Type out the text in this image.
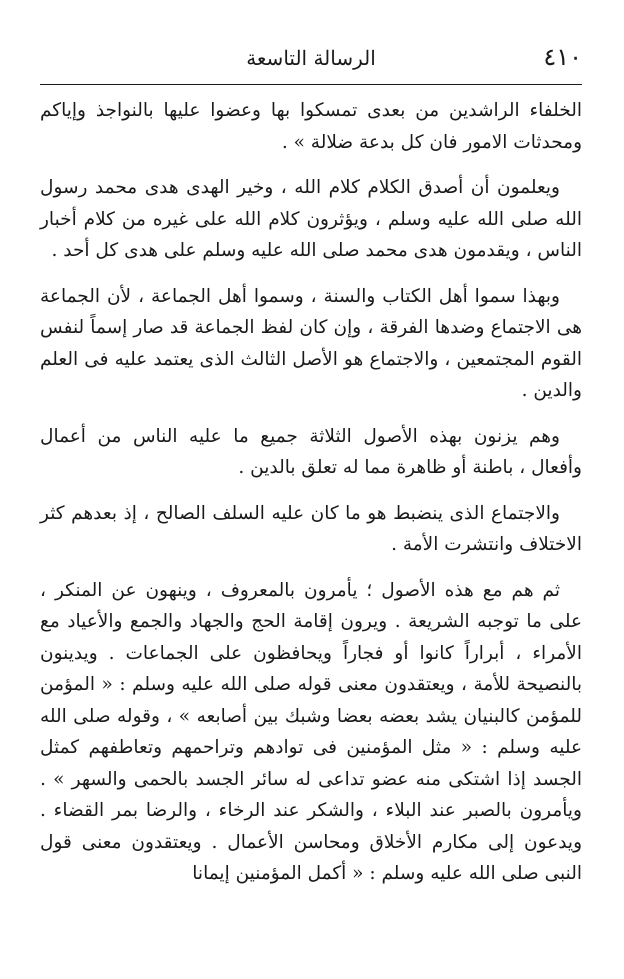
٤١٠
الرسالة التاسعة

الخلفاء الراشدين من بعدى تمسكوا بها وعضوا عليها بالنواجذ وإياكم ومحدثات الامور فان كل بدعة ضلالة » .

ويعلمون أن أصدق الكلام كلام الله ، وخير الهدى هدى محمد رسول الله صلى الله عليه وسلم ، ويؤثرون كلام الله على غيره من كلام أخبار الناس ، ويقدمون هدى محمد صلى الله عليه وسلم على هدى كل أحد .

وبهذا سموا أهل الكتاب والسنة ، وسموا أهل الجماعة ، لأن الجماعة هى الاجتماع وضدها الفرقة ، وإن كان لفظ الجماعة قد صار إسماً لنفس القوم المجتمعين ، والاجتماع هو الأصل الثالث الذى يعتمد عليه فى العلم والدين .

وهم يزنون بهذه الأصول الثلاثة جميع ما عليه الناس من أعمال وأفعال ، باطنة أو ظاهرة مما له تعلق بالدين .

والاجتماع الذى ينضبط هو ما كان عليه السلف الصالح ، إذ بعدهم كثر الاختلاف وانتشرت الأمة .

ثم هم مع هذه الأصول ؛ يأمرون بالمعروف ، وينهون عن المنكر ، على ما توجبه الشريعة . ويرون إقامة الحج والجهاد والجمع والأعياد مع الأمراء ، أبراراً كانوا أو فجاراً ويحافظون على الجماعات . ويدينون بالنصيحة للأمة ، ويعتقدون معنى قوله صلى الله عليه وسلم : « المؤمن للمؤمن كالبنيان يشد بعضه بعضا وشبك بين أصابعه » ، وقوله صلى الله عليه وسلم : « مثل المؤمنين فى توادهم وتراحمهم وتعاطفهم كمثل الجسد إذا اشتكى منه عضو تداعى له سائر الجسد بالحمى والسهر » . ويأمرون بالصبر عند البلاء ، والشكر عند الرخاء ، والرضا بمر القضاء . ويدعون إلى مكارم الأخلاق ومحاسن الأعمال . ويعتقدون معنى قول النبى صلى الله عليه وسلم : « أكمل المؤمنين إيمانا
